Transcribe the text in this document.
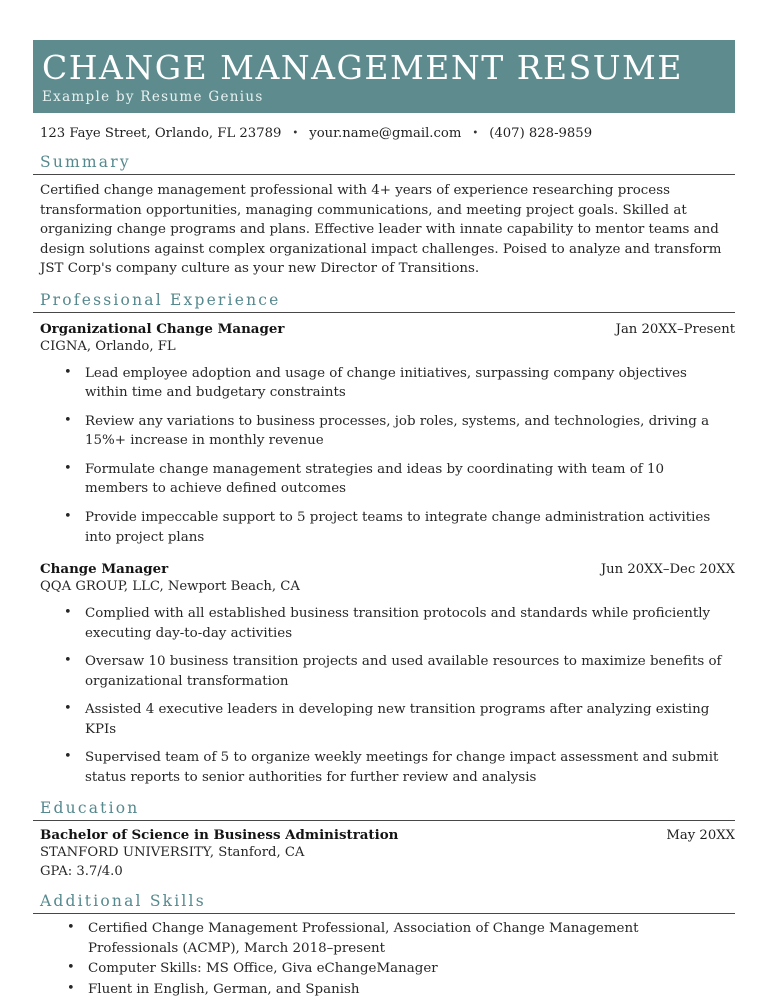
CHANGE MANAGEMENT RESUME
Example by Resume Genius
123 Faye Street, Orlando, FL 23789 • your.name@gmail.com • (407) 828-9859
Summary

Certified change management professional with 4+ years of experience researching process transformation opportunities, managing communications, and meeting project goals. Skilled at organizing change programs and plans. Effective leader with innate capability to mentor teams and design solutions against complex organizational impact challenges. Poised to analyze and transform JST Corp's company culture as your new Director of Transitions.

Professional Experience
Organizational Change Manager	Jan 20XX–Present
CIGNA, Orlando, FL
• Lead employee adoption and usage of change initiatives, surpassing company objectives within time and budgetary constraints
• Review any variations to business processes, job roles, systems, and technologies, driving a 15%+ increase in monthly revenue
• Formulate change management strategies and ideas by coordinating with team of 10 members to achieve defined outcomes
• Provide impeccable support to 5 project teams to integrate change administration activities into project plans
Change Manager	Jun 20XX–Dec 20XX
QQA GROUP, LLC, Newport Beach, CA
• Complied with all established business transition protocols and standards while proficiently executing day-to-day activities
• Oversaw 10 business transition projects and used available resources to maximize benefits of organizational transformation
• Assisted 4 executive leaders in developing new transition programs after analyzing existing KPIs
• Supervised team of 5 to organize weekly meetings for change impact assessment and submit status reports to senior authorities for further review and analysis
Education
Bachelor of Science in Business Administration	May 20XX
STANFORD UNIVERSITY, Stanford, CA
GPA: 3.7/4.0
Additional Skills
• Certified Change Management Professional, Association of Change Management Professionals (ACMP), March 2018–present
• Computer Skills: MS Office, Giva eChangeManager
• Fluent in English, German, and Spanish
